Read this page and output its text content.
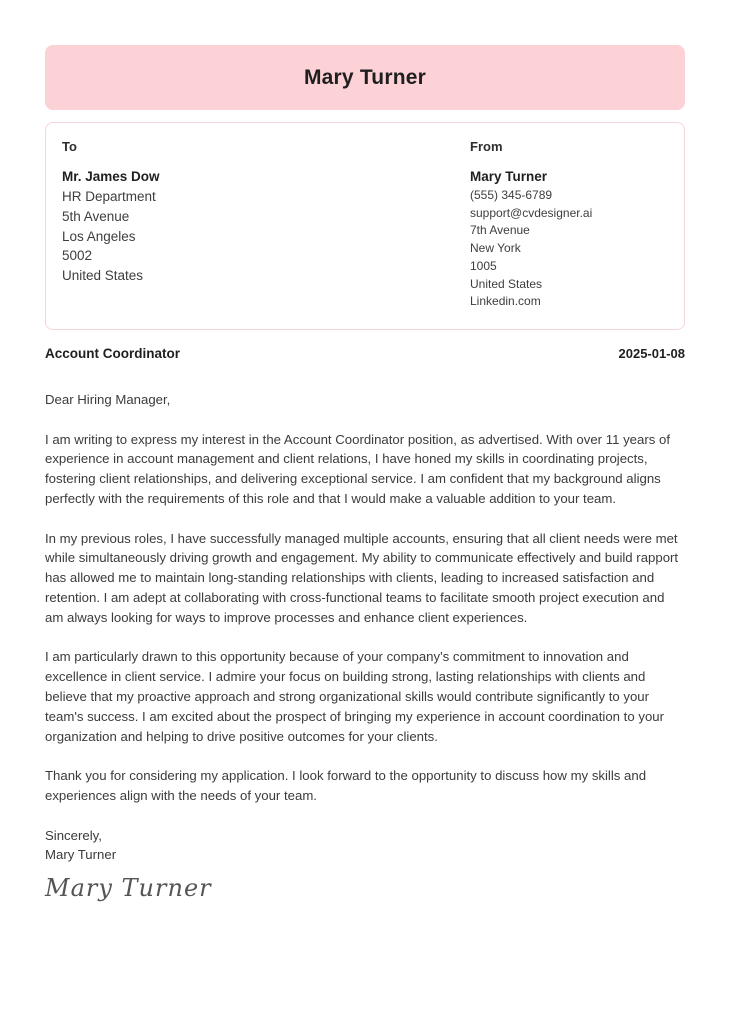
Mary Turner
To
Mr. James Dow
HR Department
5th Avenue
Los Angeles
5002
United States
From
Mary Turner
(555) 345-6789
support@cvdesigner.ai
7th Avenue
New York
1005
United States
Linkedin.com
Account Coordinator	2025-01-08
Dear Hiring Manager,

I am writing to express my interest in the Account Coordinator position, as advertised. With over 11 years of experience in account management and client relations, I have honed my skills in coordinating projects, fostering client relationships, and delivering exceptional service. I am confident that my background aligns perfectly with the requirements of this role and that I would make a valuable addition to your team.

In my previous roles, I have successfully managed multiple accounts, ensuring that all client needs were met while simultaneously driving growth and engagement. My ability to communicate effectively and build rapport has allowed me to maintain long-standing relationships with clients, leading to increased satisfaction and retention. I am adept at collaborating with cross-functional teams to facilitate smooth project execution and am always looking for ways to improve processes and enhance client experiences.

I am particularly drawn to this opportunity because of your company's commitment to innovation and excellence in client service. I admire your focus on building strong, lasting relationships with clients and believe that my proactive approach and strong organizational skills would contribute significantly to your team's success. I am excited about the prospect of bringing my experience in account coordination to your organization and helping to drive positive outcomes for your clients.

Thank you for considering my application. I look forward to the opportunity to discuss how my skills and experiences align with the needs of your team.

Sincerely,
Mary Turner
Mary Turner
